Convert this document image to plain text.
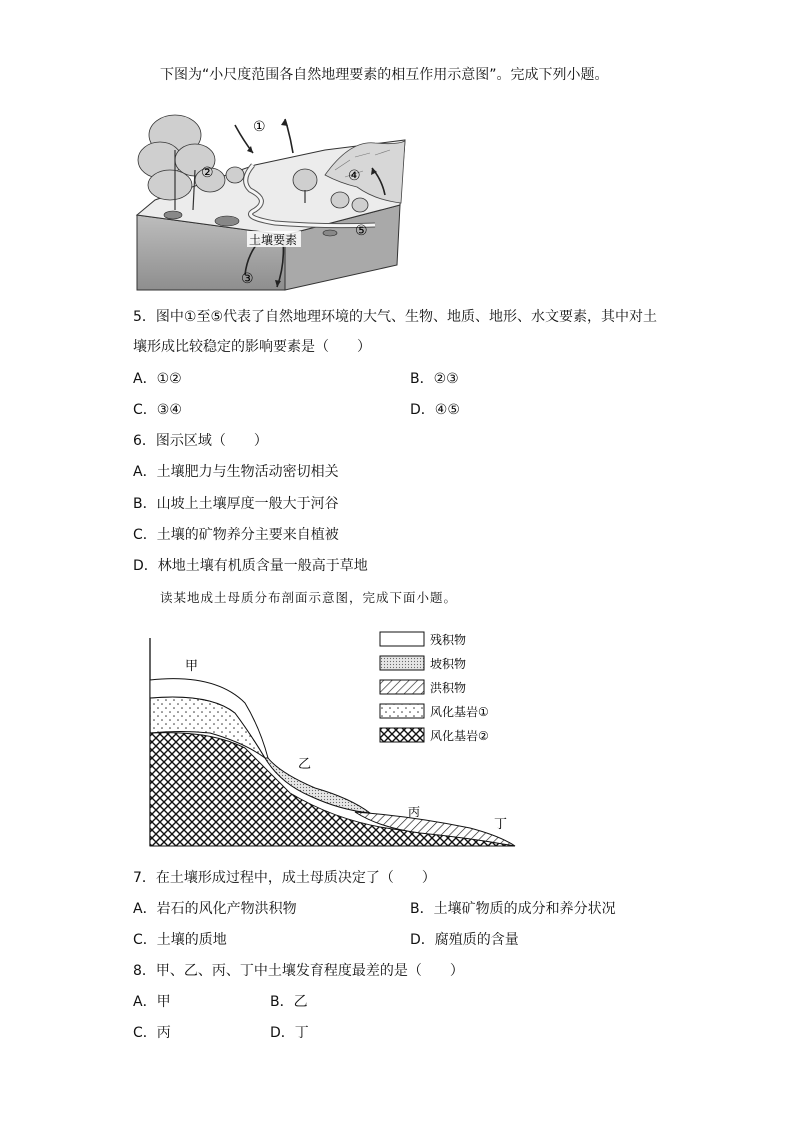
下图为“小尺度范围各自然地理要素的相互作用示意图”。完成下列小题。
①
②
③
④
⑤
土壤要素
5．图中①至⑤代表了自然地理环境的大气、生物、地质、地形、水文要素，其中对土
壤形成比较稳定的影响要素是（　　）
A．①②	B．②③
C．③④	D．④⑤
6．图示区域（　　）
A．土壤肥力与生物活动密切相关
B．山坡上土壤厚度一般大于河谷
C．土壤的矿物养分主要来自植被
D．林地土壤有机质含量一般高于草地
读某地成土母质分布剖面示意图，完成下面小题。
甲
乙
丙
丁
残积物
坡积物
洪积物
风化基岩①
风化基岩②
7．在土壤形成过程中，成土母质决定了（　　）
A．岩石的风化产物洪积物	B．土壤矿物质的成分和养分状况
C．土壤的质地	D．腐殖质的含量
8．甲、乙、丙、丁中土壤发育程度最差的是（　　）
A．甲	B．乙
C．丙	D．丁
